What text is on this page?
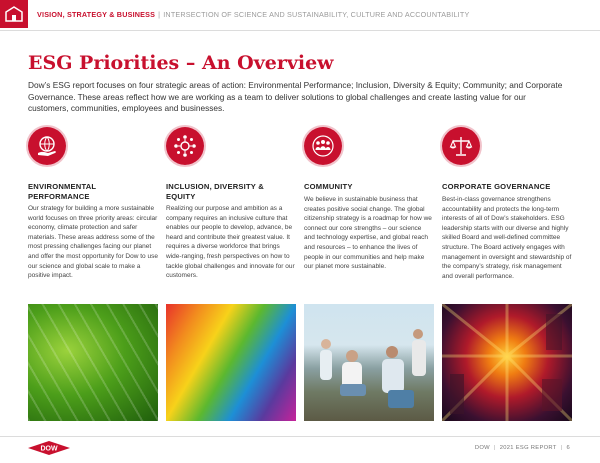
VISION, STRATEGY & BUSINESS | INTERSECTION OF SCIENCE AND SUSTAINABILITY, CULTURE AND ACCOUNTABILITY
ESG Priorities – An Overview
Dow’s ESG report focuses on four strategic areas of action: Environmental Performance; Inclusion, Diversity & Equity; Community; and Corporate Governance. These areas reflect how we are working as a team to deliver solutions to global challenges and create lasting value for our customers, communities, employees and businesses.
ENVIRONMENTAL PERFORMANCE
Our strategy for building a more sustainable world focuses on three priority areas: circular economy, climate protection and safer materials. These areas address some of the most pressing challenges facing our planet and offer the most opportunity for Dow to use our science and global scale to make a positive impact.
INCLUSION, DIVERSITY & EQUITY
Realizing our purpose and ambition as a company requires an inclusive culture that enables our people to develop, advance, be heard and contribute their greatest value. It requires a diverse workforce that brings wide-ranging, fresh perspectives on how to tackle global challenges and innovate for our customers.
COMMUNITY
We believe in sustainable business that creates positive social change. The global citizenship strategy is a roadmap for how we connect our core strengths – our science and technology expertise, and global reach and resources – to enhance the lives of people in our communities and help make our planet more sustainable.
CORPORATE GOVERNANCE
Best-in-class governance strengthens accountability and protects the long-term interests of all of Dow’s stakeholders. ESG leadership starts with our diverse and highly skilled Board and well-defined committee structure. The Board actively engages with management in oversight and stewardship of the company’s strategy, risk management and overall performance.
DOW	DOW | 2021 ESG REPORT | 6
